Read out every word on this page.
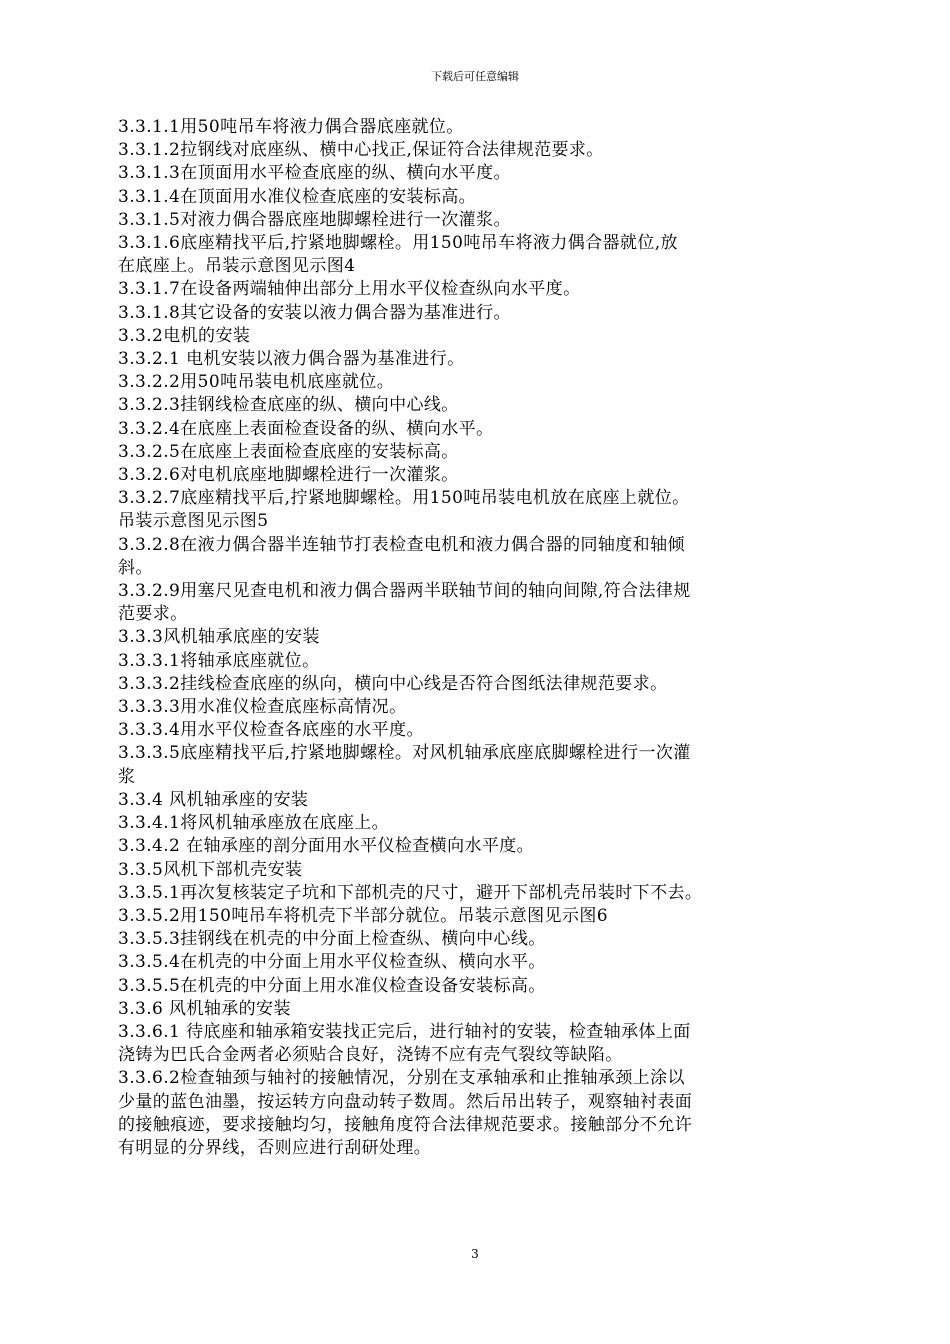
下载后可任意编辑
3.3.1.1用50吨吊车将液力偶合器底座就位。
3.3.1.2拉钢线对底座纵、横中心找正,保证符合法律规范要求。
3.3.1.3在顶面用水平检查底座的纵、横向水平度。
3.3.1.4在顶面用水准仪检查底座的安装标高。
3.3.1.5对液力偶合器底座地脚螺栓进行一次灌浆。
3.3.1.6底座精找平后,拧紧地脚螺栓。用150吨吊车将液力偶合器就位,放
在底座上。吊装示意图见示图4
3.3.1.7在设备两端轴伸出部分上用水平仪检查纵向水平度。
3.3.1.8其它设备的安装以液力偶合器为基准进行。
3.3.2电机的安装
3.3.2.1 电机安装以液力偶合器为基准进行。
3.3.2.2用50吨吊装电机底座就位。
3.3.2.3挂钢线检查底座的纵、横向中心线。
3.3.2.4在底座上表面检查设备的纵、横向水平。
3.3.2.5在底座上表面检查底座的安装标高。
3.3.2.6对电机底座地脚螺栓进行一次灌浆。
3.3.2.7底座精找平后,拧紧地脚螺栓。用150吨吊装电机放在底座上就位。
吊装示意图见示图5
3.3.2.8在液力偶合器半连轴节打表检查电机和液力偶合器的同轴度和轴倾
斜。
3.3.2.9用塞尺见查电机和液力偶合器两半联轴节间的轴向间隙,符合法律规
范要求。
3.3.3风机轴承底座的安装
3.3.3.1将轴承底座就位。
3.3.3.2挂线检查底座的纵向，横向中心线是否符合图纸法律规范要求。
3.3.3.3用水准仪检查底座标高情况。
3.3.3.4用水平仪检查各底座的水平度。
3.3.3.5底座精找平后,拧紧地脚螺栓。对风机轴承底座底脚螺栓进行一次灌
浆
3.3.4 风机轴承座的安装
3.3.4.1将风机轴承座放在底座上。
3.3.4.2 在轴承座的剖分面用水平仪检查横向水平度。
3.3.5风机下部机壳安装
3.3.5.1再次复核装定子坑和下部机壳的尺寸，避开下部机壳吊装时下不去。
3.3.5.2用150吨吊车将机壳下半部分就位。吊装示意图见示图6
3.3.5.3挂钢线在机壳的中分面上检查纵、横向中心线。
3.3.5.4在机壳的中分面上用水平仪检查纵、横向水平。
3.3.5.5在机壳的中分面上用水准仪检查设备安装标高。
3.3.6 风机轴承的安装
3.3.6.1 待底座和轴承箱安装找正完后，进行轴衬的安装，检查轴承体上面
浇铸为巴氏合金两者必须贴合良好，浇铸不应有壳气裂纹等缺陷。
3.3.6.2检查轴颈与轴衬的接触情况，分别在支承轴承和止推轴承颈上涂以
少量的蓝色油墨，按运转方向盘动转子数周。然后吊出转子，观察轴衬表面
的接触痕迹，要求接触均匀，接触角度符合法律规范要求。接触部分不允许
有明显的分界线，否则应进行刮研处理。
3
